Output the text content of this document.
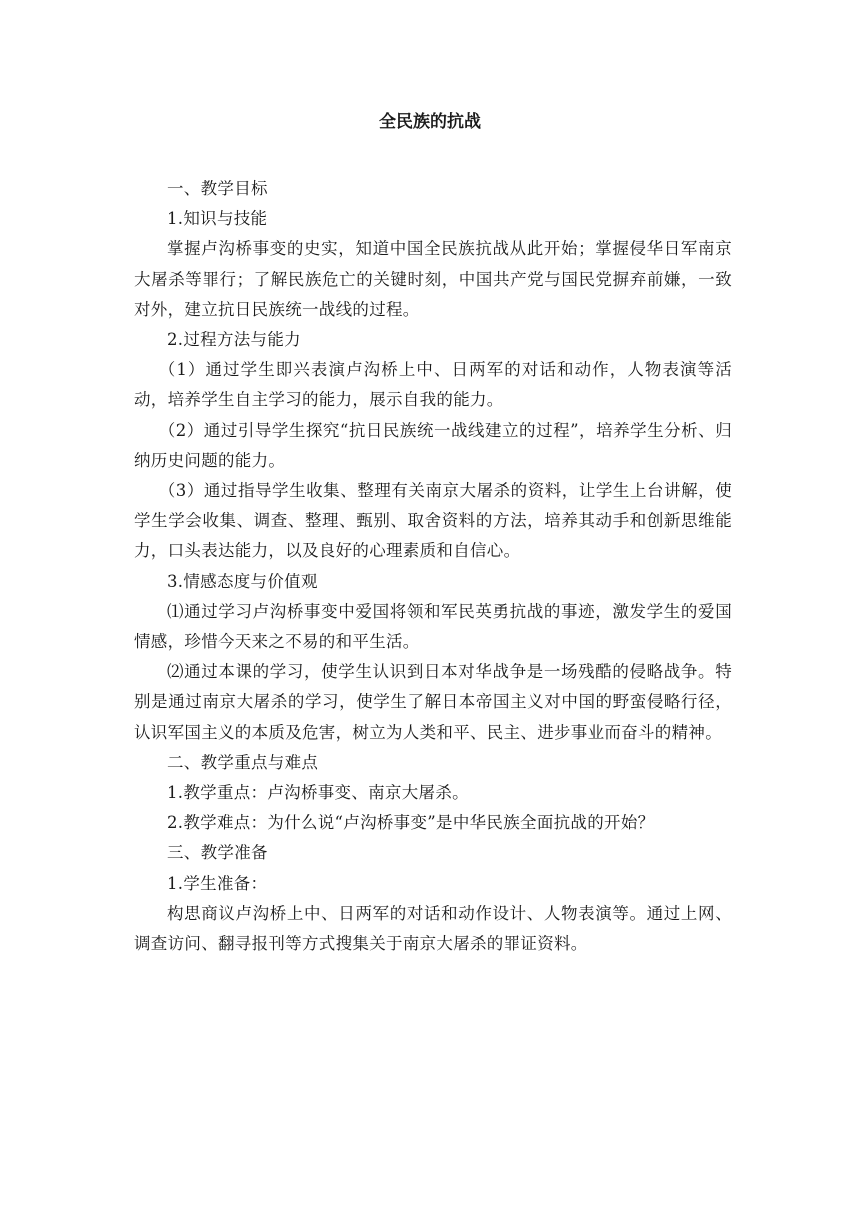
全民族的抗战

一、教学目标

1.知识与技能

掌握卢沟桥事变的史实，知道中国全民族抗战从此开始；掌握侵华日军南京大屠杀等罪行；了解民族危亡的关键时刻，中国共产党与国民党摒弃前嫌，一致对外，建立抗日民族统一战线的过程。

2.过程方法与能力

（1）通过学生即兴表演卢沟桥上中、日两军的对话和动作，人物表演等活动，培养学生自主学习的能力，展示自我的能力。

（2）通过引导学生探究“抗日民族统一战线建立的过程”，培养学生分析、归纳历史问题的能力。

（3）通过指导学生收集、整理有关南京大屠杀的资料，让学生上台讲解，使学生学会收集、调查、整理、甄别、取舍资料的方法，培养其动手和创新思维能力，口头表达能力，以及良好的心理素质和自信心。

3.情感态度与价值观

⑴通过学习卢沟桥事变中爱国将领和军民英勇抗战的事迹，激发学生的爱国情感，珍惜今天来之不易的和平生活。

⑵通过本课的学习，使学生认识到日本对华战争是一场残酷的侵略战争。特别是通过南京大屠杀的学习，使学生了解日本帝国主义对中国的野蛮侵略行径，认识军国主义的本质及危害，树立为人类和平、民主、进步事业而奋斗的精神。

二、教学重点与难点

1.教学重点：卢沟桥事变、南京大屠杀。

2.教学难点：为什么说“卢沟桥事变”是中华民族全面抗战的开始？

三、教学准备

1.学生准备：

构思商议卢沟桥上中、日两军的对话和动作设计、人物表演等。通过上网、调查访问、翻寻报刊等方式搜集关于南京大屠杀的罪证资料。
